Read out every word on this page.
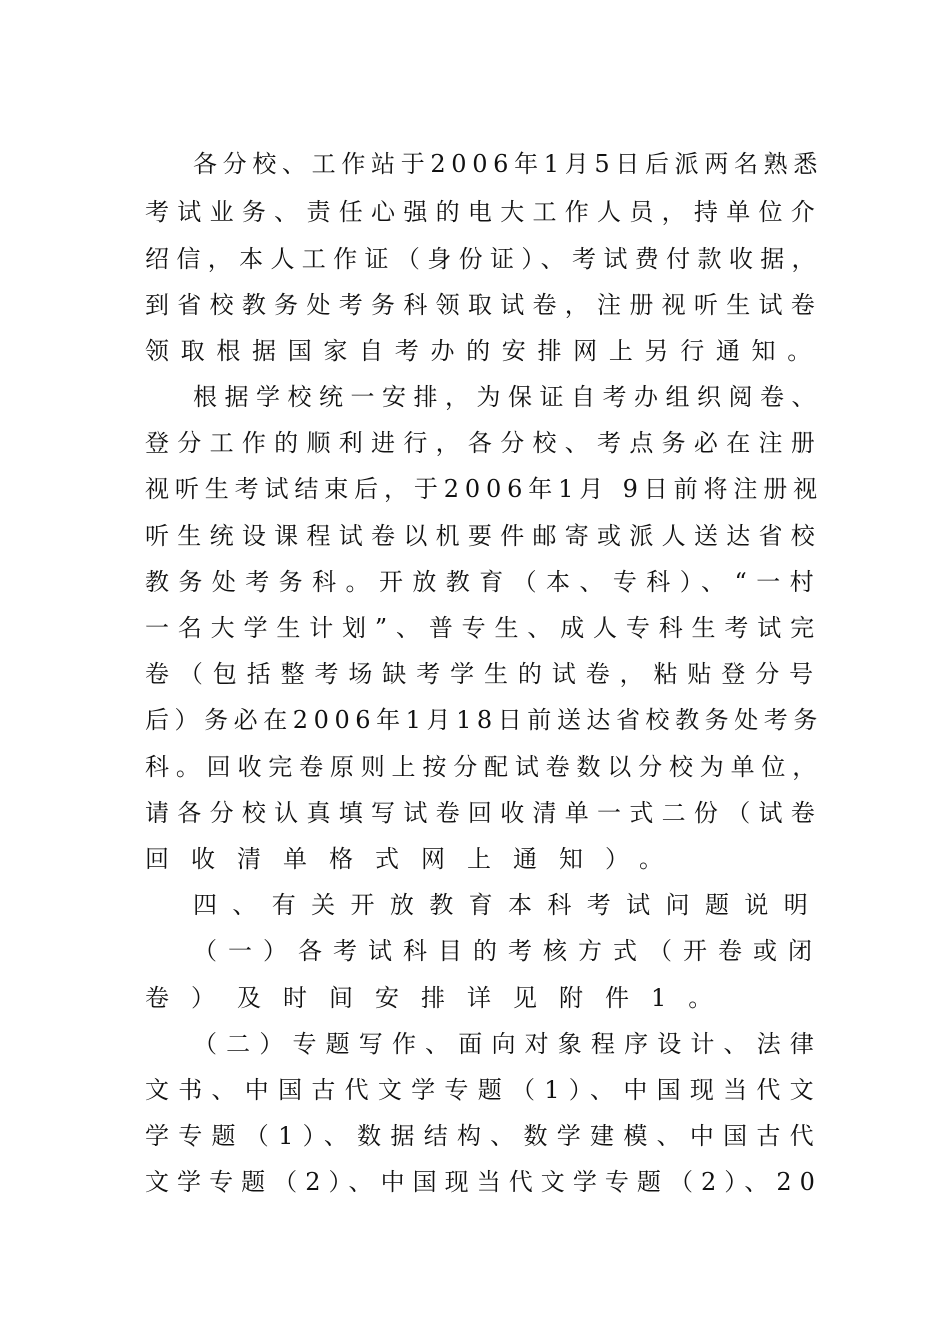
各分校、工作站于2006年1月5日后派两名熟悉
考试业务、责任心强的电大工作人员，持单位介
绍信，本人工作证（身份证）、考试费付款收据，
到省校教务处考务科领取试卷，注册视听生试卷
领取根据国家自考办的安排网上另行通知。
根据学校统一安排，为保证自考办组织阅卷、
登分工作的顺利进行，各分校、考点务必在注册
视听生考试结束后，于2006年1月 9日前将注册视
听生统设课程试卷以机要件邮寄或派人送达省校
教务处考务科。开放教育（本、专科）、“一村
一名大学生计划”、普专生、成人专科生考试完
卷（包括整考场缺考学生的试卷，粘贴登分号
后）务必在2006年1月18日前送达省校教务处考务
科。回收完卷原则上按分配试卷数以分校为单位，
请各分校认真填写试卷回收清单一式二份（试卷
回收清单格式网上通知）。
四、有关开放教育本科考试问题说明
（一）各考试科目的考核方式（开卷或闭
卷）及时间安排详见附件1。
（二）专题写作、面向对象程序设计、法律
文书、中国古代文学专题（1）、中国现当代文
学专题（1）、数据结构、数学建模、中国古代
文学专题（2）、中国现当代文学专题（2）、20
